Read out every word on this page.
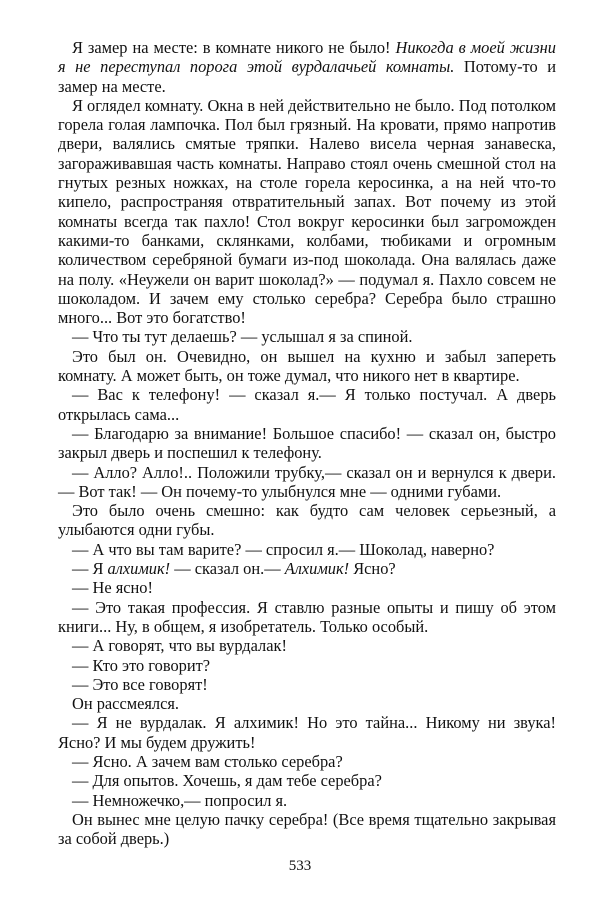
Я замер на месте: в комнате никого не было! Никогда в моей жизни я не переступал порога этой вурдалачьей комнаты. Потому-то и замер на месте.

Я оглядел комнату. Окна в ней действительно не было. Под потолком горела голая лампочка. Пол был грязный. На кровати, прямо напротив двери, валялись смятые тряпки. Налево висела черная занавеска, загораживавшая часть комнаты. Направо стоял очень смешной стол на гнутых резных ножках, на столе горела керосинка, а на ней что-то кипело, распространяя отвратительный запах. Вот почему из этой комнаты всегда так пахло! Стол вокруг керосинки был загроможден какими-то банками, склянками, колбами, тюбиками и огромным количеством серебряной бумаги из-под шоколада. Она валялась даже на полу. «Неужели он варит шоколад?» — подумал я. Пахло совсем не шоколадом. И зачем ему столько серебра? Серебра было страшно много... Вот это богатство!

— Что ты тут делаешь? — услышал я за спиной.

Это был он. Очевидно, он вышел на кухню и забыл запереть комнату. А может быть, он тоже думал, что никого нет в квартире.

— Вас к телефону! — сказал я.— Я только постучал. А дверь открылась сама...

— Благодарю за внимание! Большое спасибо! — сказал он, быстро закрыл дверь и поспешил к телефону.

— Алло? Алло!.. Положили трубку,— сказал он и вернулся к двери.— Вот так! — Он почему-то улыбнулся мне — одними губами.

Это было очень смешно: как будто сам человек серьезный, а улыбаются одни губы.

— А что вы там варите? — спросил я.— Шоколад, наверно?

— Я алхимик! — сказал он.— Алхимик! Ясно?

— Не ясно!

— Это такая профессия. Я ставлю разные опыты и пишу об этом книги... Ну, в общем, я изобретатель. Только особый.

— А говорят, что вы вурдалак!

— Кто это говорит?

— Это все говорят!

Он рассмеялся.

— Я не вурдалак. Я алхимик! Но это тайна... Никому ни звука! Ясно? И мы будем дружить!

— Ясно. А зачем вам столько серебра?

— Для опытов. Хочешь, я дам тебе серебра?

— Немножечко,— попросил я.

Он вынес мне целую пачку серебра! (Все время тщательно закрывая за собой дверь.)

533
